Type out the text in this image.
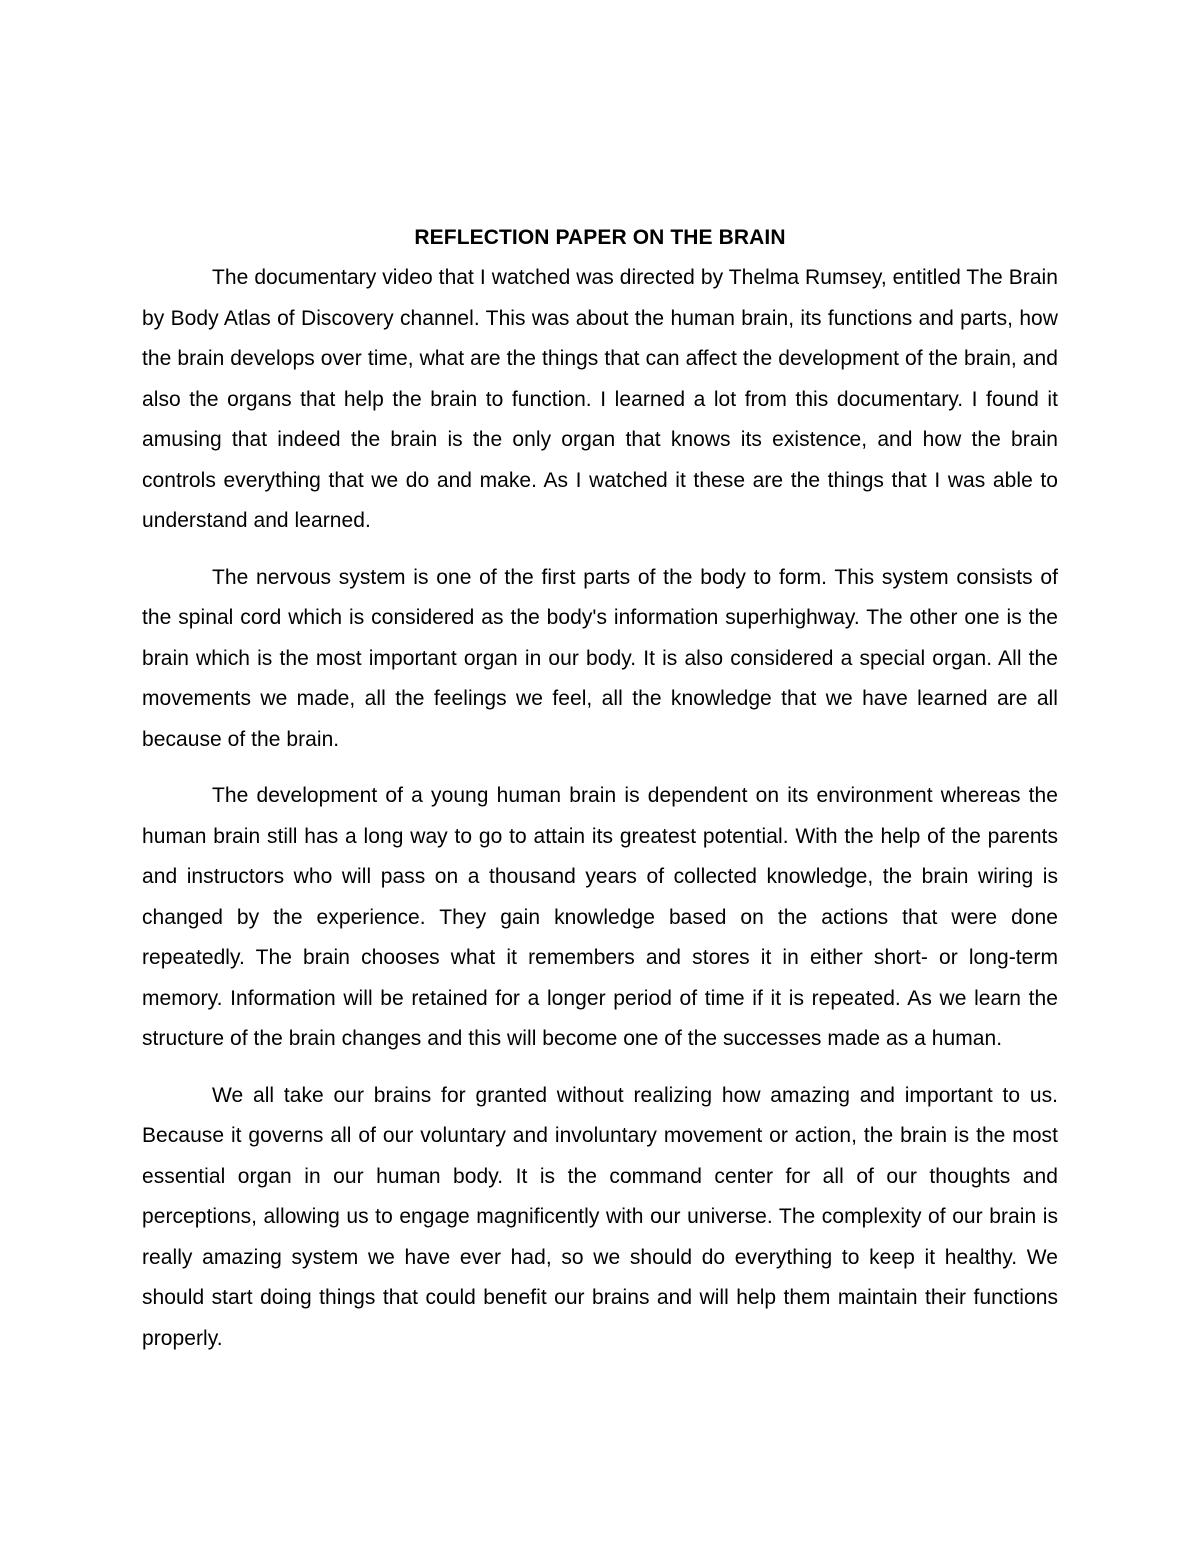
REFLECTION PAPER ON THE BRAIN

The documentary video that I watched was directed by Thelma Rumsey, entitled The Brain by Body Atlas of Discovery channel. This was about the human brain, its functions and parts, how the brain develops over time, what are the things that can affect the development of the brain, and also the organs that help the brain to function. I learned a lot from this documentary. I found it amusing that indeed the brain is the only organ that knows its existence, and how the brain controls everything that we do and make. As I watched it these are the things that I was able to understand and learned.

The nervous system is one of the first parts of the body to form. This system consists of the spinal cord which is considered as the body's information superhighway. The other one is the brain which is the most important organ in our body. It is also considered a special organ. All the movements we made, all the feelings we feel, all the knowledge that we have learned are all because of the brain.

The development of a young human brain is dependent on its environment whereas the human brain still has a long way to go to attain its greatest potential. With the help of the parents and instructors who will pass on a thousand years of collected knowledge, the brain wiring is changed by the experience. They gain knowledge based on the actions that were done repeatedly. The brain chooses what it remembers and stores it in either short- or long-term memory. Information will be retained for a longer period of time if it is repeated. As we learn the structure of the brain changes and this will become one of the successes made as a human.

We all take our brains for granted without realizing how amazing and important to us. Because it governs all of our voluntary and involuntary movement or action, the brain is the most essential organ in our human body. It is the command center for all of our thoughts and perceptions, allowing us to engage magnificently with our universe. The complexity of our brain is really amazing system we have ever had, so we should do everything to keep it healthy. We should start doing things that could benefit our brains and will help them maintain their functions properly.
